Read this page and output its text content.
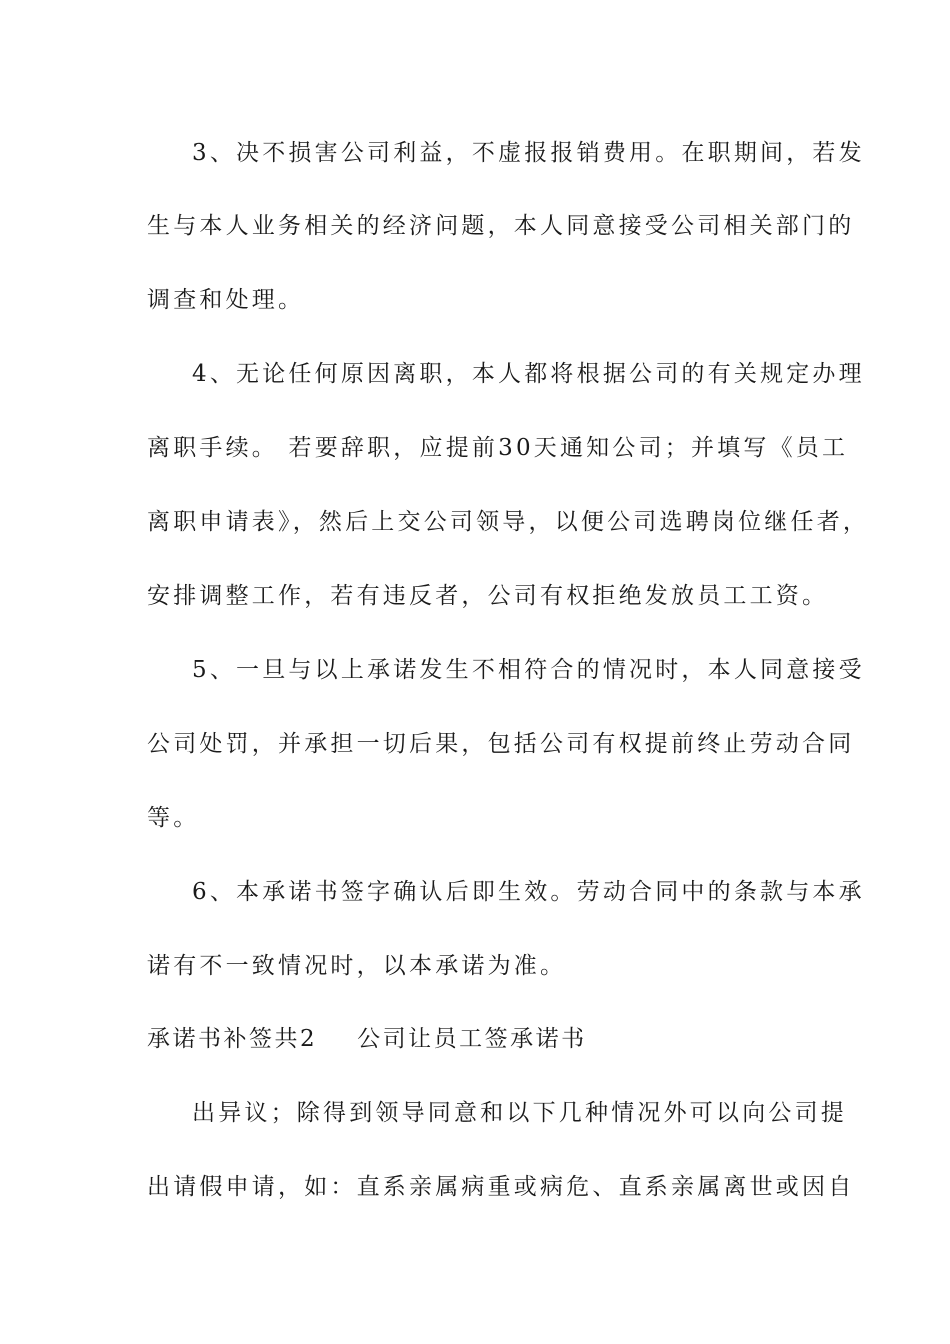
3、决不损害公司利益，不虚报报销费用。在职期间，若发
生与本人业务相关的经济问题，本人同意接受公司相关部门的
调查和处理。
4、无论任何原因离职，本人都将根据公司的有关规定办理
离职手续。 若要辞职，应提前30天通知公司；并填写《员工
离职申请表》，然后上交公司领导，以便公司选聘岗位继任者，
安排调整工作，若有违反者，公司有权拒绝发放员工工资。
5、一旦与以上承诺发生不相符合的情况时，本人同意接受
公司处罚，并承担一切后果，包括公司有权提前终止劳动合同
等。
6、本承诺书签字确认后即生效。劳动合同中的条款与本承
诺有不一致情况时，以本承诺为准。
承诺书补签共2 公司让员工签承诺书
出异议；除得到领导同意和以下几种情况外可以向公司提
出请假申请，如：直系亲属病重或病危、直系亲属离世或因自
